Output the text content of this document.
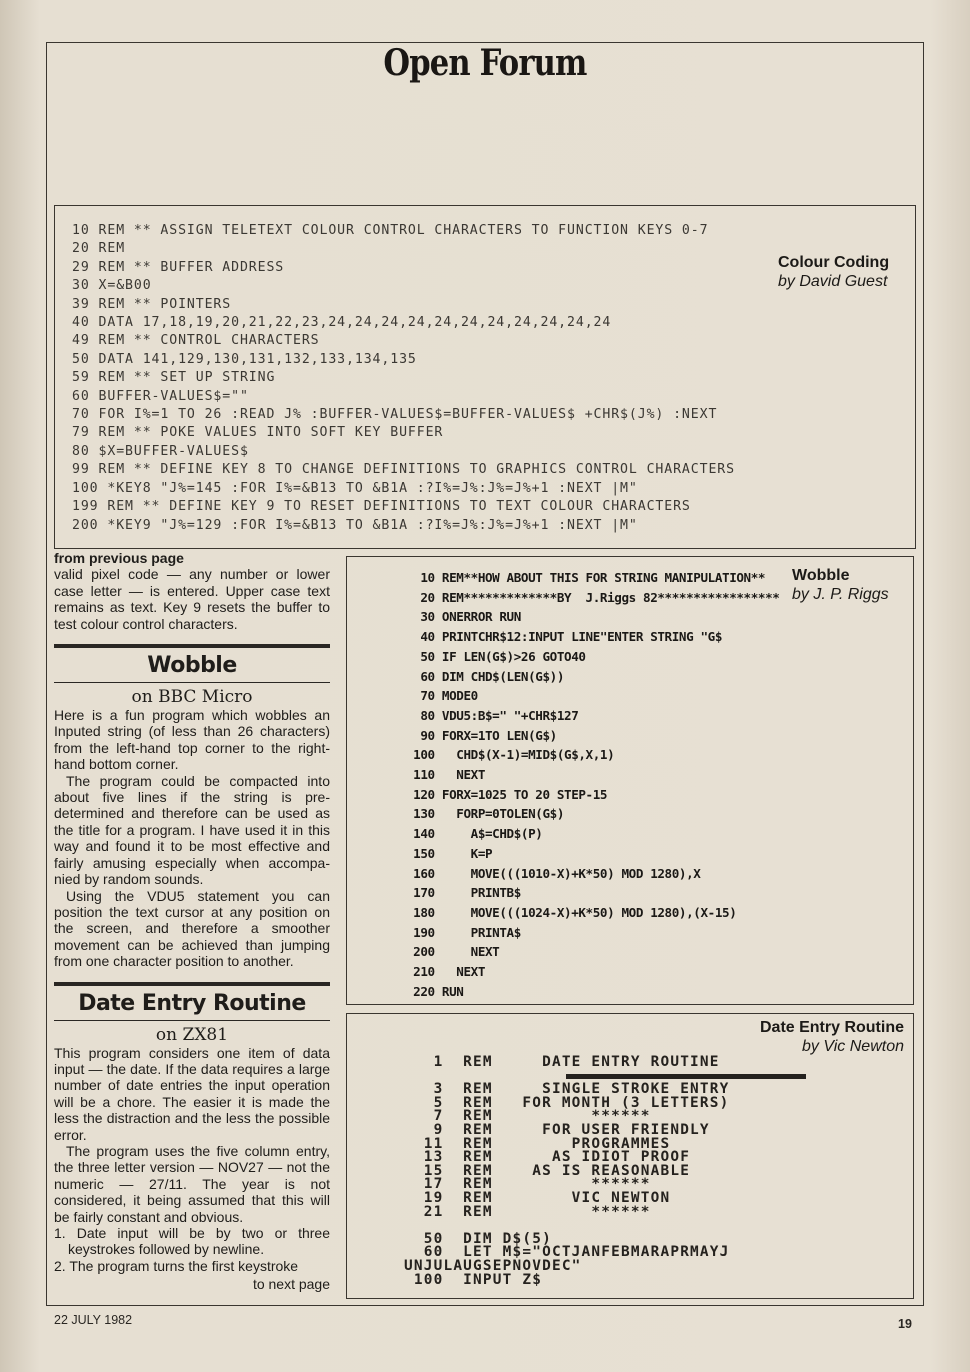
Open Forum
10 REM ** ASSIGN TELETEXT COLOUR CONTROL CHARACTERS TO FUNCTION KEYS 0-7
20 REM
29 REM ** BUFFER ADDRESS
30 X=&B00
39 REM ** POINTERS
40 DATA 17,18,19,20,21,22,23,24,24,24,24,24,24,24,24,24,24,24
49 REM ** CONTROL CHARACTERS
50 DATA 141,129,130,131,132,133,134,135
59 REM ** SET UP STRING
60 BUFFER-VALUES$=""
70 FOR I%=1 TO 26 :READ J% :BUFFER-VALUES$=BUFFER-VALUES$ +CHR$(J%) :NEXT
79 REM ** POKE VALUES INTO SOFT KEY BUFFER
80 $X=BUFFER-VALUES$
99 REM ** DEFINE KEY 8 TO CHANGE DEFINITIONS TO GRAPHICS CONTROL CHARACTERS
100 *KEY8 "J%=145 :FOR I%=&B13 TO &B1A :?I%=J%:J%=J%+1 :NEXT |M"
199 REM ** DEFINE KEY 9 TO RESET DEFINITIONS TO TEXT COLOUR CHARACTERS
200 *KEY9 "J%=129 :FOR I%=&B13 TO &B1A :?I%=J%:J%=J%+1 :NEXT |M"
Colour Coding
by David Guest
from previous page

valid pixel code — any number or lower case letter — is entered. Upper case text remains as text. Key 9 resets the buffer to test colour control characters.

Wobble
on BBC Micro

Here is a fun program which wobbles an Inputed string (of less than 26 characters) from the left-hand top corner to the right-hand bottom corner.

The program could be compacted into about five lines if the string is pre-determined and therefore can be used as the title for a program. I have used it in this way and found it to be most effective and fairly amusing especially when accompa-nied by random sounds.

Using the VDU5 statement you can position the text cursor at any position on the screen, and therefore a smoother movement can be achieved than jumping from one character position to another.

Date Entry Routine
on ZX81

This program considers one item of data input — the date. If the data requires a large number of date entries the input operation will be a chore. The easier it is made the less the distraction and the less the possible error.

The program uses the five column entry, the three letter version — NOV27 — not the numeric — 27/11. The year is not considered, it being assumed that this will be fairly constant and obvious.

1. Date input will be by two or three keystrokes followed by newline.

2. The program turns the first keystroke

to next page
10 REM**HOW ABOUT THIS FOR STRING MANIPULATION**
20 REM*************BY  J.Riggs 82*****************
30 ONERROR RUN
40 PRINTCHR$12:INPUT LINE"ENTER STRING "G$
50 IF LEN(G$)>26 GOTO40
60 DIM CHD$(LEN(G$))
70 MODE0
80 VDU5:B$=" "+CHR$127
90 FORX=1TO LEN(G$)
100   CHD$(X-1)=MID$(G$,X,1)
110   NEXT
120 FORX=1025 TO 20 STEP-15
130   FORP=0TOLEN(G$)
140     A$=CHD$(P)
150     K=P
160     MOVE(((1010-X)+K*50) MOD 1280),X
170     PRINTB$
180     MOVE(((1024-X)+K*50) MOD 1280),(X-15)
190     PRINTA$
200     NEXT
210   NEXT
220 RUN
Wobble
by J. P. Riggs
Date Entry Routine
by Vic Newton
1  REM     DATE ENTRY ROUTINE

3  REM     SINGLE STROKE ENTRY
5  REM   FOR MONTH (3 LETTERS)
7  REM          ******
9  REM     FOR USER FRIENDLY
11  REM        PROGRAMMES
13  REM      AS IDIOT PROOF
15  REM    AS IS REASONABLE
17  REM          ******
19  REM        VIC NEWTON
21  REM          ******

50  DIM D$(5)
60  LET M$="OCTJANFEBMARAPRMAYJ
UNJULAUGSEPNOVDEC"
100  INPUT Z$
22 JULY 1982	19
